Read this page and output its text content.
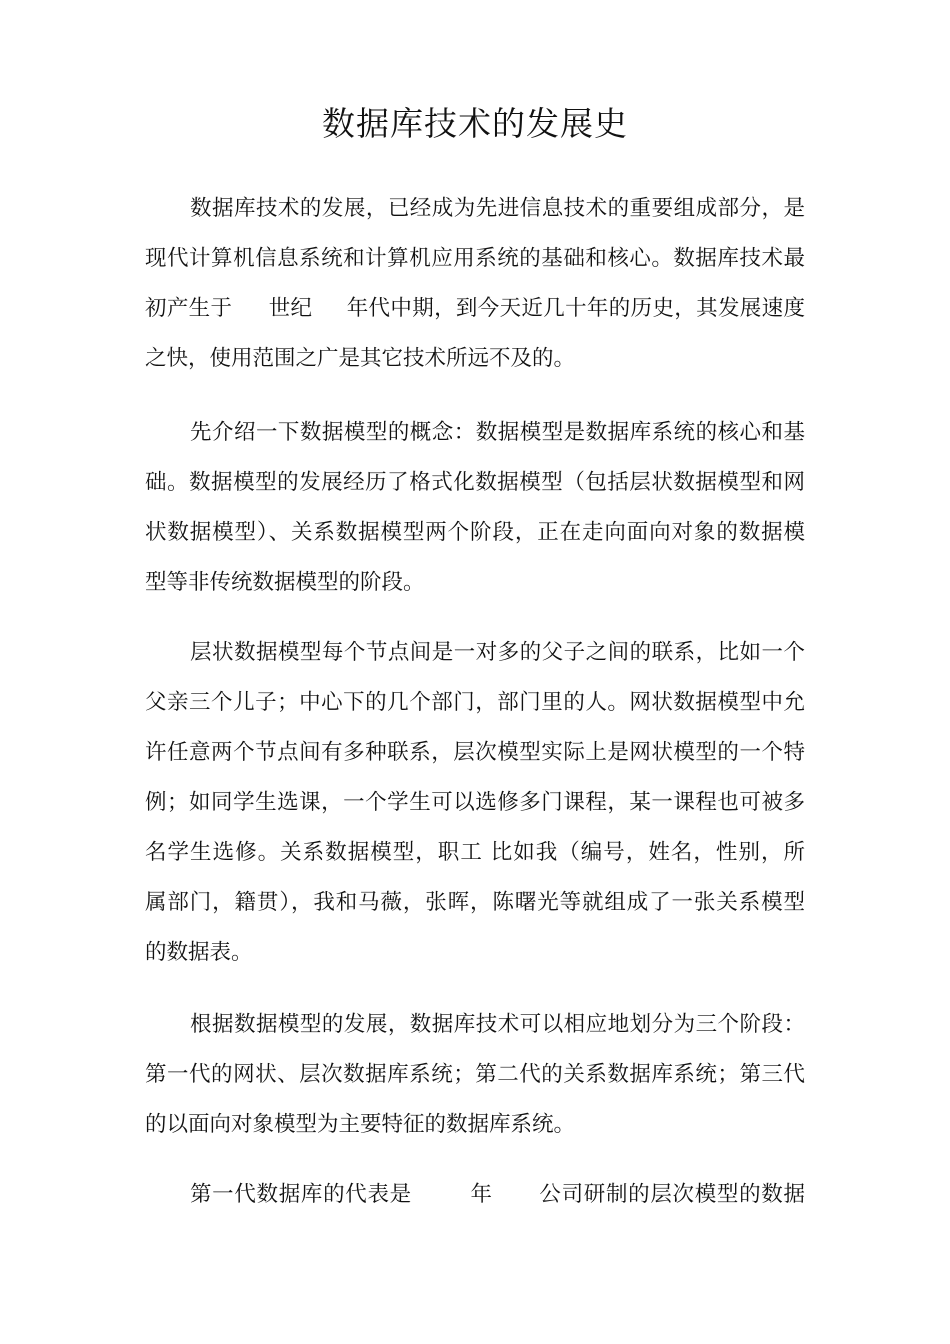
数据库技术的发展史
数据库技术的发展，已经成为先进信息技术的重要组成部分，是
现代计算机信息系统和计算机应用系统的基础和核心。数据库技术最
初产生于 世纪 年代中期，到今天近几十年的历史，其发展速度
之快，使用范围之广是其它技术所远不及的。
先介绍一下数据模型的概念：数据模型是数据库系统的核心和基
础。数据模型的发展经历了格式化数据模型（包括层状数据模型和网
状数据模型）、关系数据模型两个阶段，正在走向面向对象的数据模
型等非传统数据模型的阶段。
层状数据模型每个节点间是一对多的父子之间的联系，比如一个
父亲三个儿子；中心下的几个部门，部门里的人。网状数据模型中允
许任意两个节点间有多种联系，层次模型实际上是网状模型的一个特
例；如同学生选课，一个学生可以选修多门课程，某一课程也可被多
名学生选修。关系数据模型，职工 比如我（编号，姓名，性别，所
属部门，籍贯），我和马薇，张晖，陈曙光等就组成了一张关系模型
的数据表。
根据数据模型的发展，数据库技术可以相应地划分为三个阶段：
第一代的网状、层次数据库系统；第二代的关系数据库系统；第三代
的以面向对象模型为主要特征的数据库系统。
第一代数据库的代表是	年 公司研制的层次模型的数据
